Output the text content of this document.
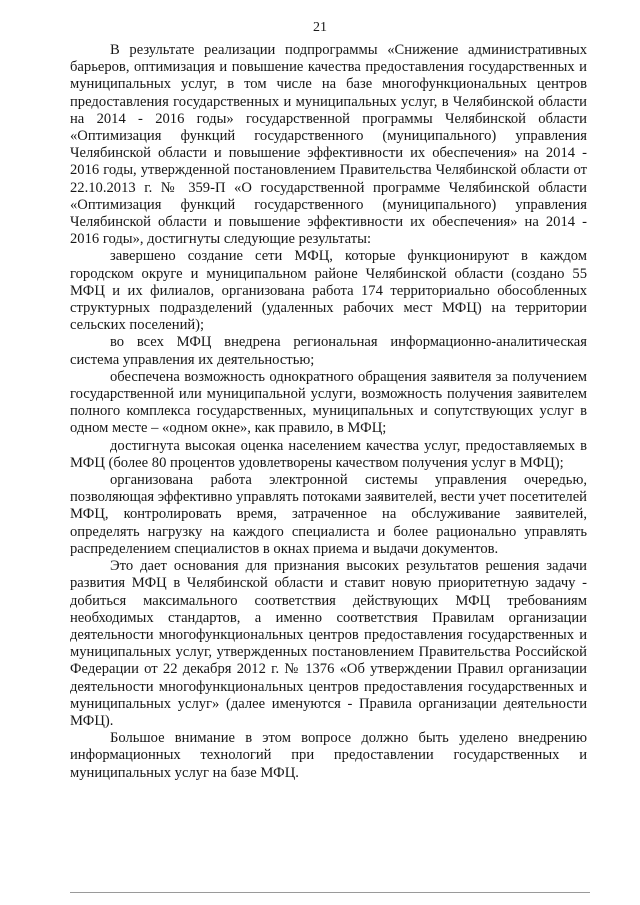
21

В результате реализации подпрограммы «Снижение административных барьеров, оптимизация и повышение качества предоставления государственных и муниципальных услуг, в том числе на базе многофункциональных центров предоставления государственных и муниципальных услуг, в Челябинской области на 2014 - 2016 годы» государственной программы Челябинской области «Оптимизация функций государственного (муниципального) управления Челябинской области и повышение эффективности их обеспечения» на 2014 - 2016 годы, утвержденной постановлением Правительства Челябинской области от 22.10.2013 г. № 359-П «О государственной программе Челябинской области «Оптимизация функций государственного (муниципального) управления Челябинской области и повышение эффективности их обеспечения» на 2014 - 2016 годы», достигнуты следующие результаты:

завершено создание сети МФЦ, которые функционируют в каждом городском округе и муниципальном районе Челябинской области (создано 55 МФЦ и их филиалов, организована работа 174 территориально обособленных структурных подразделений (удаленных рабочих мест МФЦ) на территории сельских поселений);

во всех МФЦ внедрена региональная информационно-аналитическая система управления их деятельностью;

обеспечена возможность однократного обращения заявителя за получением государственной или муниципальной услуги, возможность получения заявителем полного комплекса государственных, муниципальных и сопутствующих услуг в одном месте – «одном окне», как правило, в МФЦ;

достигнута высокая оценка населением качества услуг, предоставляемых в МФЦ (более 80 процентов удовлетворены качеством получения услуг в МФЦ);

организована работа электронной системы управления очередью, позволяющая эффективно управлять потоками заявителей, вести учет посетителей МФЦ, контролировать время, затраченное на обслуживание заявителей, определять нагрузку на каждого специалиста и более рационально управлять распределением специалистов в окнах приема и выдачи документов.

Это дает основания для признания высоких результатов решения задачи развития МФЦ в Челябинской области и ставит новую приоритетную задачу - добиться максимального соответствия действующих МФЦ требованиям необходимых стандартов, а именно соответствия Правилам организации деятельности многофункциональных центров предоставления государственных и муниципальных услуг, утвержденных постановлением Правительства Российской Федерации от 22 декабря 2012 г. № 1376 «Об утверждении Правил организации деятельности многофункциональных центров предоставления государственных и муниципальных услуг» (далее именуются - Правила организации деятельности МФЦ).

Большое внимание в этом вопросе должно быть уделено внедрению информационных технологий при предоставлении государственных и муниципальных услуг на базе МФЦ.
